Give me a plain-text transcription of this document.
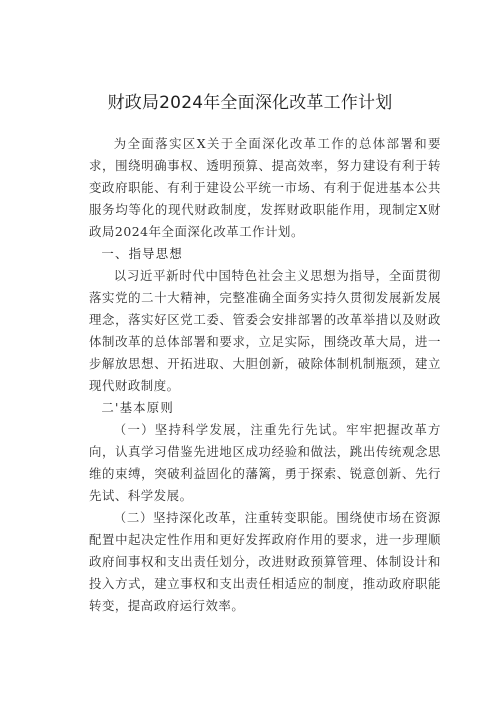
财政局2024年全面深化改革工作计划

为全面落实区X关于全面深化改革工作的总体部署和要求，围绕明确事权、透明预算、提高效率，努力建设有利于转变政府职能、有利于建设公平统一市场、有利于促进基本公共服务均等化的现代财政制度，发挥财政职能作用，现制定X财政局2024年全面深化改革工作计划。

一、指导思想

以习近平新时代中国特色社会主义思想为指导，全面贯彻落实党的二十大精神，完整准确全面务实持久贯彻发展新发展理念，落实好区党工委、管委会安排部署的改革举措以及财政体制改革的总体部署和要求，立足实际，围绕改革大局，进一步解放思想、开拓进取、大胆创新，破除体制机制瓶颈，建立现代财政制度。

二'基本原则

（一）坚持科学发展，注重先行先试。牢牢把握改革方向，认真学习借鉴先进地区成功经验和做法，跳出传统观念思维的束缚，突破利益固化的藩篱，勇于探索、锐意创新、先行先试、科学发展。

（二）坚持深化改革，注重转变职能。围绕使市场在资源配置中起决定性作用和更好发挥政府作用的要求，进一步理顺政府间事权和支出责任划分，改进财政预算管理、体制设计和投入方式，建立事权和支出责任相适应的制度，推动政府职能转变，提高政府运行效率。
